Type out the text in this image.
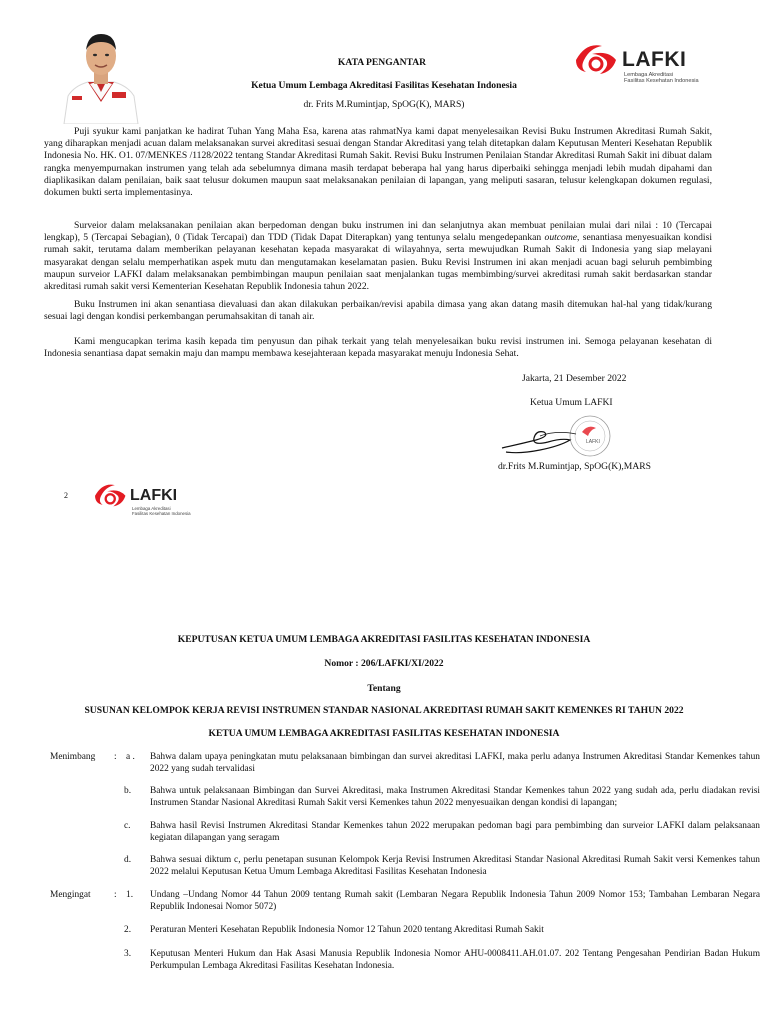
KATA PENGANTAR
Ketua Umum Lembaga Akreditasi Fasilitas Kesehatan Indonesia
dr. Frits M.Rumintjap, SpOG(K), MARS)
LAFKI
Lembaga Akreditasi
Fasilitas Kesehatan Indonesia

Puji syukur kami panjatkan ke hadirat Tuhan Yang Maha Esa, karena atas rahmatNya kami dapat menyelesaikan Revisi Buku Instrumen Akreditasi Rumah Sakit, yang diharapkan menjadi acuan dalam melaksanakan survei akreditasi sesuai dengan Standar Akreditasi yang telah ditetapkan dalam Keputusan Menteri Kesehatan Republik Indonesia No. HK. O1. 07/MENKES /1128/2022 tentang Standar Akreditasi Rumah Sakit. Revisi Buku Instrumen Penilaian Standar Akreditasi Rumah Sakit ini dibuat dalam rangka menyempurnakan instrumen yang telah ada sebelumnya dimana masih terdapat beberapa hal yang harus diperbaiki sehingga menjadi lebih mudah dipahami dan diaplikasikan dalam penilaian, baik saat telusur dokumen maupun saat melaksanakan penilaian di lapangan, yang meliputi sasaran, telusur kelengkapan dokumen regulasi, dokumen bukti serta implementasinya.

Surveior dalam melaksanakan penilaian akan berpedoman dengan buku instrumen ini dan selanjutnya akan membuat penilaian mulai dari nilai : 10 (Tercapai lengkap), 5 (Tercapai Sebagian), 0 (Tidak Tercapai) dan TDD (Tidak Dapat Diterapkan) yang tentunya selalu mengedepankan outcome, senantiasa menyesuaikan kondisi rumah sakit, terutama dalam memberikan pelayanan kesehatan kepada masyarakat di wilayahnya, serta mewujudkan Rumah Sakit di Indonesia yang siap melayani masyarakat dengan selalu memperhatikan aspek mutu dan mengutamakan keselamatan pasien. Buku Revisi Instrumen ini akan menjadi acuan bagi seluruh pembimbing maupun surveior LAFKI dalam melaksanakan pembimbingan maupun penilaian saat menjalankan tugas membimbing/survei akreditasi rumah sakit berdasarkan standar akreditasi rumah sakit versi Kementerian Kesehatan Republik Indonesia tahun 2022.

Buku Instrumen ini akan senantiasa dievaluasi dan akan dilakukan perbaikan/revisi apabila dimasa yang akan datang masih ditemukan hal-hal yang tidak/kurang sesuai lagi dengan kondisi perkembangan perumahsakitan di tanah air.

Kami mengucapkan terima kasih kepada tim penyusun dan pihak terkait yang telah menyelesaikan buku revisi instrumen ini. Semoga pelayanan kesehatan di Indonesia senantiasa dapat semakin maju dan mampu membawa kesejahteraan kepada masyarakat menuju Indonesia Sehat.

Jakarta, 21 Desember 2022
Ketua Umum LAFKI
LAFKI
dr.Frits M.Rumintjap, SpOG(K),MARS
2	LAFKI
Lembaga Akreditasi
Fasilitas Kesehatan Indonesia
KEPUTUSAN KETUA UMUM LEMBAGA AKREDITASI FASILITAS KESEHATAN INDONESIA
Nomor : 206/LAFKI/XI/2022
Tentang
SUSUNAN KELOMPOK KERJA REVISI INSTRUMEN STANDAR NASIONAL AKREDITASI RUMAH SAKIT KEMENKES RI TAHUN 2022
KETUA UMUM LEMBAGA AKREDITASI FASILITAS KESEHATAN INDONESIA
Menimbang : a . Bahwa dalam upaya peningkatan mutu pelaksanaan bimbingan dan survei akreditasi LAFKI, maka perlu adanya Instrumen Akreditasi Standar Kemenkes tahun 2022 yang sudah tervalidasi
b. Bahwa untuk pelaksanaan Bimbingan dan Survei Akreditasi, maka Instrumen Akreditasi Standar Kemenkes tahun 2022 yang sudah ada, perlu diadakan revisi Instrumen Standar Nasional Akreditasi Rumah Sakit versi Kemenkes tahun 2022 menyesuaikan dengan kondisi di lapangan;
c. Bahwa hasil Revisi Instrumen Akreditasi Standar Kemenkes tahun 2022 merupakan pedoman bagi para pembimbing dan surveior LAFKI dalam pelaksanaan kegiatan dilapangan yang seragam
d. Bahwa sesuai diktum c, perlu penetapan susunan Kelompok Kerja Revisi Instrumen Akreditasi Standar Nasional Akreditasi Rumah Sakit versi Kemenkes tahun 2022 melalui Keputusan Ketua Umum Lembaga Akreditasi Fasilitas Kesehatan Indonesia
Mengingat : 1. Undang –Undang Nomor 44 Tahun 2009 tentang Rumah sakit (Lembaran Negara Republik Indonesia Tahun 2009 Nomor 153; Tambahan Lembaran Negara Republik Indonesai Nomor 5072)
2. Peraturan Menteri Kesehatan Republik Indonesia Nomor 12 Tahun 2020 tentang Akreditasi Rumah Sakit
3. Keputusan Menteri Hukum dan Hak Asasi Manusia Republik Indonesia Nomor AHU-0008411.AH.01.07. 202 Tentang Pengesahan Pendirian Badan Hukum Perkumpulan Lembaga Akreditasi Fasilitas Kesehatan Indonesia.
